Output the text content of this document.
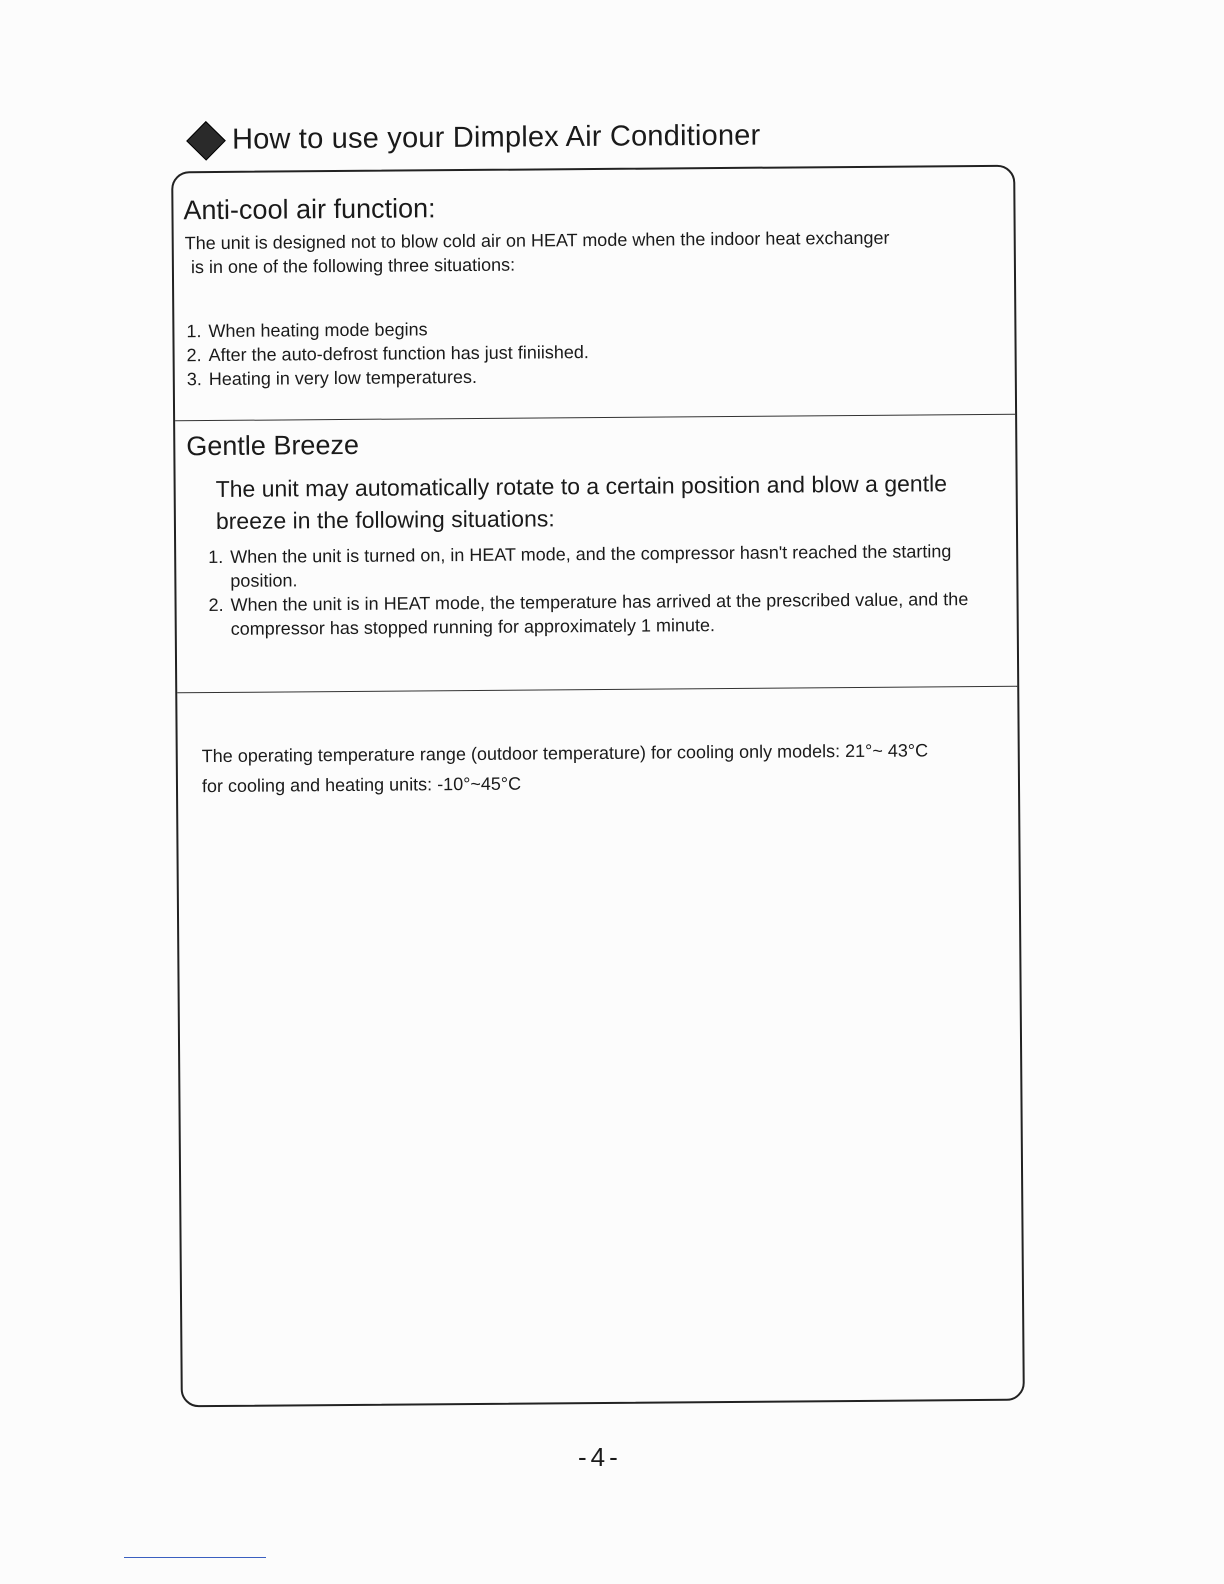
How to use your Dimplex Air Conditioner
Anti-cool air function:
The unit is designed not to blow cold air on HEAT mode when the indoor heat exchanger
is in one of the following three situations:
1. When heating mode begins
2. After the auto-defrost function has just finiished.
3. Heating in very low temperatures.
Gentle Breeze
The unit may automatically rotate to a certain position and blow a gentle breeze in the following situations:
1. When the unit is turned on, in HEAT mode, and the compressor hasn't reached the starting position.
2. When the unit is in HEAT mode, the temperature has arrived at the prescribed value, and the compressor has stopped running for approximately 1 minute.
The operating temperature range (outdoor temperature) for cooling only models: 21°~ 43°C
for cooling and heating units: -10°~45°C
-4-
